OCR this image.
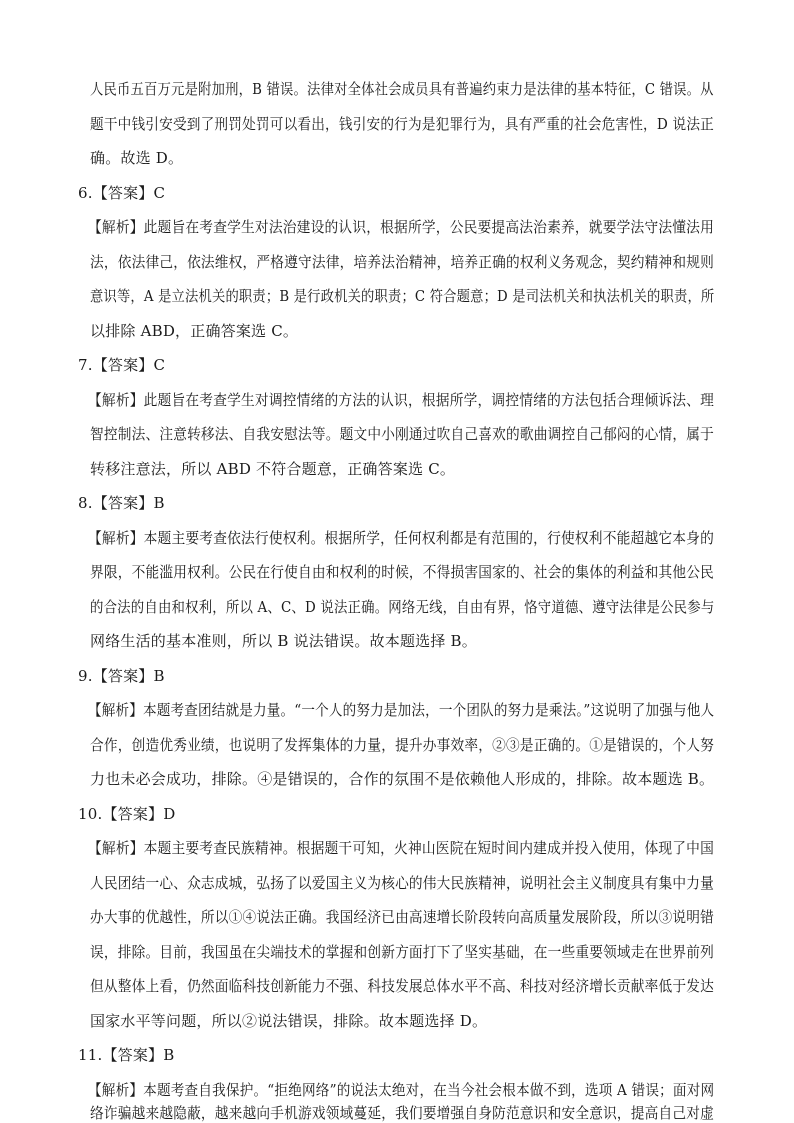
人民币五百万元是附加刑，B 错误。法律对全体社会成员具有普遍约束力是法律的基本特征，C 错误。从
题干中钱引安受到了刑罚处罚可以看出，钱引安的行为是犯罪行为，具有严重的社会危害性，D 说法正
确。故选 D。
6.【答案】C
【解析】此题旨在考查学生对法治建设的认识，根据所学，公民要提高法治素养，就要学法守法懂法用
法，依法律己，依法维权，严格遵守法律，培养法治精神，培养正确的权利义务观念，契约精神和规则
意识等，A 是立法机关的职责；B 是行政机关的职责；C 符合题意；D 是司法机关和执法机关的职责，所
以排除 ABD，正确答案选 C。
7.【答案】C
【解析】此题旨在考查学生对调控情绪的方法的认识，根据所学，调控情绪的方法包括合理倾诉法、理
智控制法、注意转移法、自我安慰法等。题文中小刚通过吹自己喜欢的歌曲调控自己郁闷的心情，属于
转移注意法，所以 ABD 不符合题意，正确答案选 C。
8.【答案】B
【解析】本题主要考查依法行使权利。根据所学，任何权利都是有范围的，行使权利不能超越它本身的
界限，不能滥用权利。公民在行使自由和权利的时候，不得损害国家的、社会的集体的利益和其他公民
的合法的自由和权利，所以 A、C、D 说法正确。网络无线，自由有界，恪守道德、遵守法律是公民参与
网络生活的基本准则，所以 B 说法错误。故本题选择 B。
9.【答案】B
【解析】本题考查团结就是力量。“一个人的努力是加法，一个团队的努力是乘法。”这说明了加强与他人
合作，创造优秀业绩，也说明了发挥集体的力量，提升办事效率，②③是正确的。①是错误的，个人努
力也未必会成功，排除。④是错误的，合作的氛围不是依赖他人形成的，排除。故本题选 B。
10.【答案】D
【解析】本题主要考查民族精神。根据题干可知，火神山医院在短时间内建成并投入使用，体现了中国
人民团结一心、众志成城，弘扬了以爱国主义为核心的伟大民族精神，说明社会主义制度具有集中力量
办大事的优越性，所以①④说法正确。我国经济已由高速增长阶段转向高质量发展阶段，所以③说明错
误，排除。目前，我国虽在尖端技术的掌握和创新方面打下了坚实基础，在一些重要领域走在世界前列
但从整体上看，仍然面临科技创新能力不强、科技发展总体水平不高、科技对经济增长贡献率低于发达
国家水平等问题，所以②说法错误，排除。故本题选择 D。
11.【答案】B
【解析】本题考查自我保护。“拒绝网络”的说法太绝对，在当今社会根本做不到，选项 A 错误；面对网
络诈骗越来越隐蔽，越来越向手机游戏领域蔓延，我们要增强自身防范意识和安全意识，提高自己对虚
